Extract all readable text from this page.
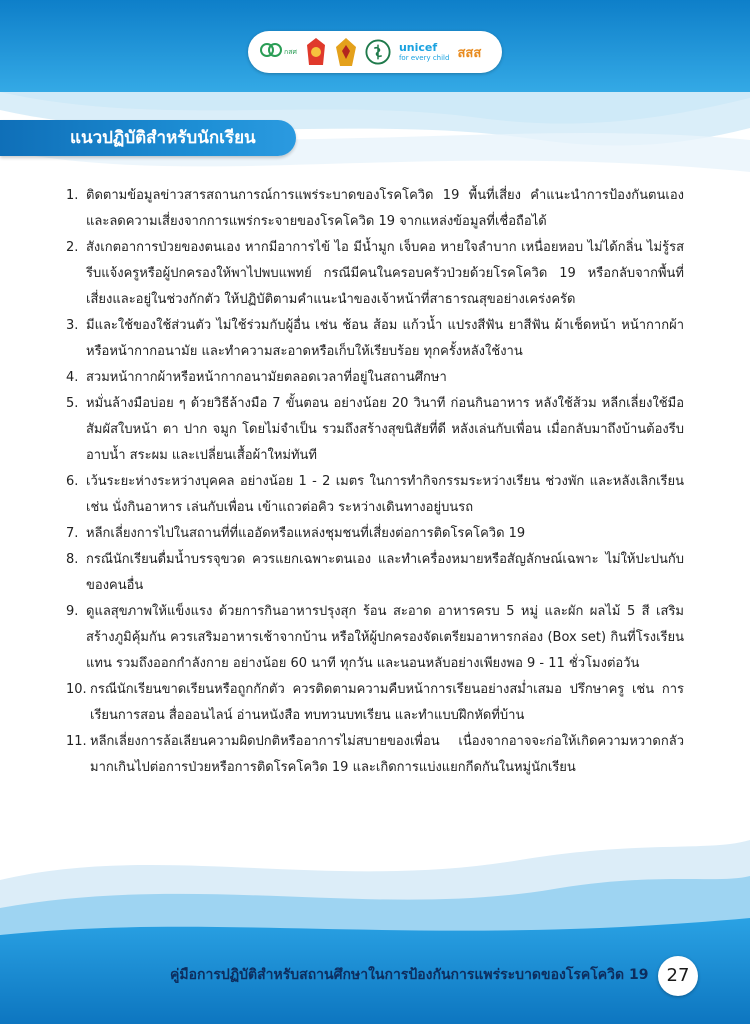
กสศ	unicef
for every child สสส
แนวปฏิบัติสำหรับนักเรียน
1. ติดตามข้อมูลข่าวสารสถานการณ์การแพร่ระบาดของโรคโควิด 19 พื้นที่เสี่ยง คำแนะนำการป้องกันตนเอง และลดความเสี่ยงจากการแพร่กระจายของโรคโควิด 19 จากแหล่งข้อมูลที่เชื่อถือได้
2. สังเกตอาการป่วยของตนเอง หากมีอาการไข้ ไอ มีน้ำมูก เจ็บคอ หายใจลำบาก เหนื่อยหอบ ไม่ได้กลิ่น ไม่รู้รส รีบแจ้งครูหรือผู้ปกครองให้พาไปพบแพทย์ กรณีมีคนในครอบครัวป่วยด้วยโรคโควิด 19 หรือกลับจากพื้นที่เสี่ยงและอยู่ในช่วงกักตัว ให้ปฏิบัติตามคำแนะนำของเจ้าหน้าที่สาธารณสุขอย่างเคร่งครัด
3. มีและใช้ของใช้ส่วนตัว ไม่ใช้ร่วมกับผู้อื่น เช่น ช้อน ส้อม แก้วน้ำ แปรงสีฟัน ยาสีฟัน ผ้าเช็ดหน้า หน้ากากผ้าหรือหน้ากากอนามัย และทำความสะอาดหรือเก็บให้เรียบร้อย ทุกครั้งหลังใช้งาน
4. สวมหน้ากากผ้าหรือหน้ากากอนามัยตลอดเวลาที่อยู่ในสถานศึกษา
5. หมั่นล้างมือบ่อย ๆ ด้วยวิธีล้างมือ 7 ขั้นตอน อย่างน้อย 20 วินาที ก่อนกินอาหาร หลังใช้ส้วม หลีกเลี่ยงใช้มือสัมผัสใบหน้า ตา ปาก จมูก โดยไม่จำเป็น รวมถึงสร้างสุขนิสัยที่ดี หลังเล่นกับเพื่อน เมื่อกลับมาถึงบ้านต้องรีบอาบน้ำ สระผม และเปลี่ยนเสื้อผ้าใหม่ทันที
6. เว้นระยะห่างระหว่างบุคคล อย่างน้อย 1 - 2 เมตร ในการทำกิจกรรมระหว่างเรียน ช่วงพัก และหลังเลิกเรียน เช่น นั่งกินอาหาร เล่นกับเพื่อน เข้าแถวต่อคิว ระหว่างเดินทางอยู่บนรถ
7. หลีกเลี่ยงการไปในสถานที่ที่แออัดหรือแหล่งชุมชนที่เสี่ยงต่อการติดโรคโควิด 19
8. กรณีนักเรียนดื่มน้ำบรรจุขวด ควรแยกเฉพาะตนเอง และทำเครื่องหมายหรือสัญลักษณ์เฉพาะ ไม่ให้ปะปนกับของคนอื่น
9. ดูแลสุขภาพให้แข็งแรง ด้วยการกินอาหารปรุงสุก ร้อน สะอาด อาหารครบ 5 หมู่ และผัก ผลไม้ 5 สี เสริมสร้างภูมิคุ้มกัน ควรเสริมอาหารเช้าจากบ้าน หรือให้ผู้ปกครองจัดเตรียมอาหารกล่อง (Box set) กินที่โรงเรียนแทน รวมถึงออกกำลังกาย อย่างน้อย 60 นาที ทุกวัน และนอนหลับอย่างเพียงพอ 9 - 11 ชั่วโมงต่อวัน
10. กรณีนักเรียนขาดเรียนหรือถูกกักตัว ควรติดตามความคืบหน้าการเรียนอย่างสม่ำเสมอ ปรึกษาครู เช่น การเรียนการสอน สื่อออนไลน์ อ่านหนังสือ ทบทวนบทเรียน และทำแบบฝึกหัดที่บ้าน
11. หลีกเลี่ยงการล้อเลียนความผิดปกติหรืออาการไม่สบายของเพื่อน เนื่องจากอาจจะก่อให้เกิดความหวาดกลัวมากเกินไปต่อการป่วยหรือการติดโรคโควิด 19 และเกิดการแบ่งแยกกีดกันในหมู่นักเรียน
คู่มือการปฏิบัติสำหรับสถานศึกษาในการป้องกันการแพร่ระบาดของโรคโควิด 19	27
